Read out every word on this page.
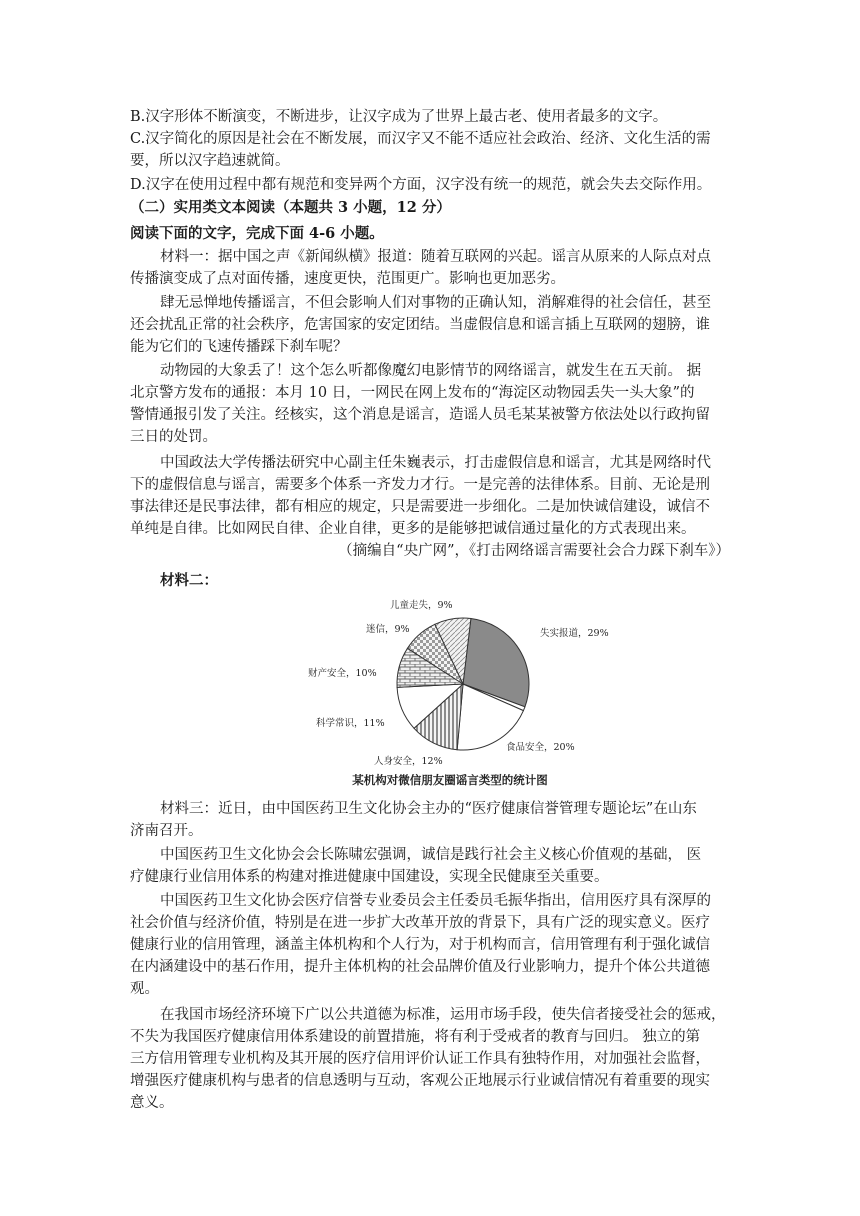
B.汉字形体不断演变，不断进步，让汉字成为了世界上最古老、使用者最多的文字。
C.汉字简化的原因是社会在不断发展，而汉字又不能不适应社会政治、经济、文化生活的需
要，所以汉字趋速就简。
D.汉字在使用过程中都有规范和变异两个方面，汉字没有统一的规范，就会失去交际作用。
（二）实用类文本阅读（本题共 3 小题，12 分）
阅读下面的文字，完成下面 4-6 小题。
材料一：据中国之声《新闻纵横》报道：随着互联网的兴起。谣言从原来的人际点对点
传播演变成了点对面传播，速度更快，范围更广。影响也更加恶劣。
肆无忌惮地传播谣言，不但会影响人们对事物的正确认知，消解难得的社会信任，甚至
还会扰乱正常的社会秩序，危害国家的安定团结。当虚假信息和谣言插上互联网的翅膀，谁
能为它们的飞速传播踩下刹车呢？
动物园的大象丢了！这个怎么听都像魔幻电影情节的网络谣言，就发生在五天前。 据
北京警方发布的通报：本月 10 日，一网民在网上发布的“海淀区动物园丢失一头大象”的
警情通报引发了关注。经核实，这个消息是谣言，造谣人员毛某某被警方依法处以行政拘留
三日的处罚。
中国政法大学传播法研究中心副主任朱巍表示，打击虚假信息和谣言，尤其是网络时代
下的虚假信息与谣言，需要多个体系一齐发力才行。一是完善的法律体系。目前、无论是刑
事法律还是民事法律，都有相应的规定，只是需要进一步细化。二是加快诚信建设，诚信不
单纯是自律。比如网民自律、企业自律，更多的是能够把诚信通过量化的方式表现出来。
（摘编自“央广网”，《打击网络谣言需要社会合力踩下刹车》）
材料二：
失实报道，29%
食品安全，20%
人身安全，12%
科学常识，11%
财产安全，10%
迷信，9%
儿童走失，9%
某机构对微信朋友圈谣言类型的统计图
材料三：近日，由中国医药卫生文化协会主办的“医疗健康信誉管理专题论坛”在山东
济南召开。
中国医药卫生文化协会会长陈啸宏强调，诚信是践行社会主义核心价值观的基础， 医
疗健康行业信用体系的构建对推进健康中国建设，实现全民健康至关重要。
中国医药卫生文化协会医疗信誉专业委员会主任委员毛振华指出，信用医疗具有深厚的
社会价值与经济价值，特别是在进一步扩大改革开放的背景下，具有广泛的现实意义。医疗
健康行业的信用管理，涵盖主体机构和个人行为，对于机构而言，信用管理有利于强化诚信
在内涵建设中的基石作用，提升主体机构的社会品牌价值及行业影响力，提升个体公共道德
观。
在我国市场经济环境下广以公共道德为标准，运用市场手段，使失信者接受社会的惩戒，
不失为我国医疗健康信用体系建设的前置措施，将有利于受戒者的教育与回归。 独立的第
三方信用管理专业机构及其开展的医疗信用评价认证工作具有独特作用，对加强社会监督，
增强医疗健康机构与患者的信息透明与互动，客观公正地展示行业诚信情况有着重要的现实
意义。
